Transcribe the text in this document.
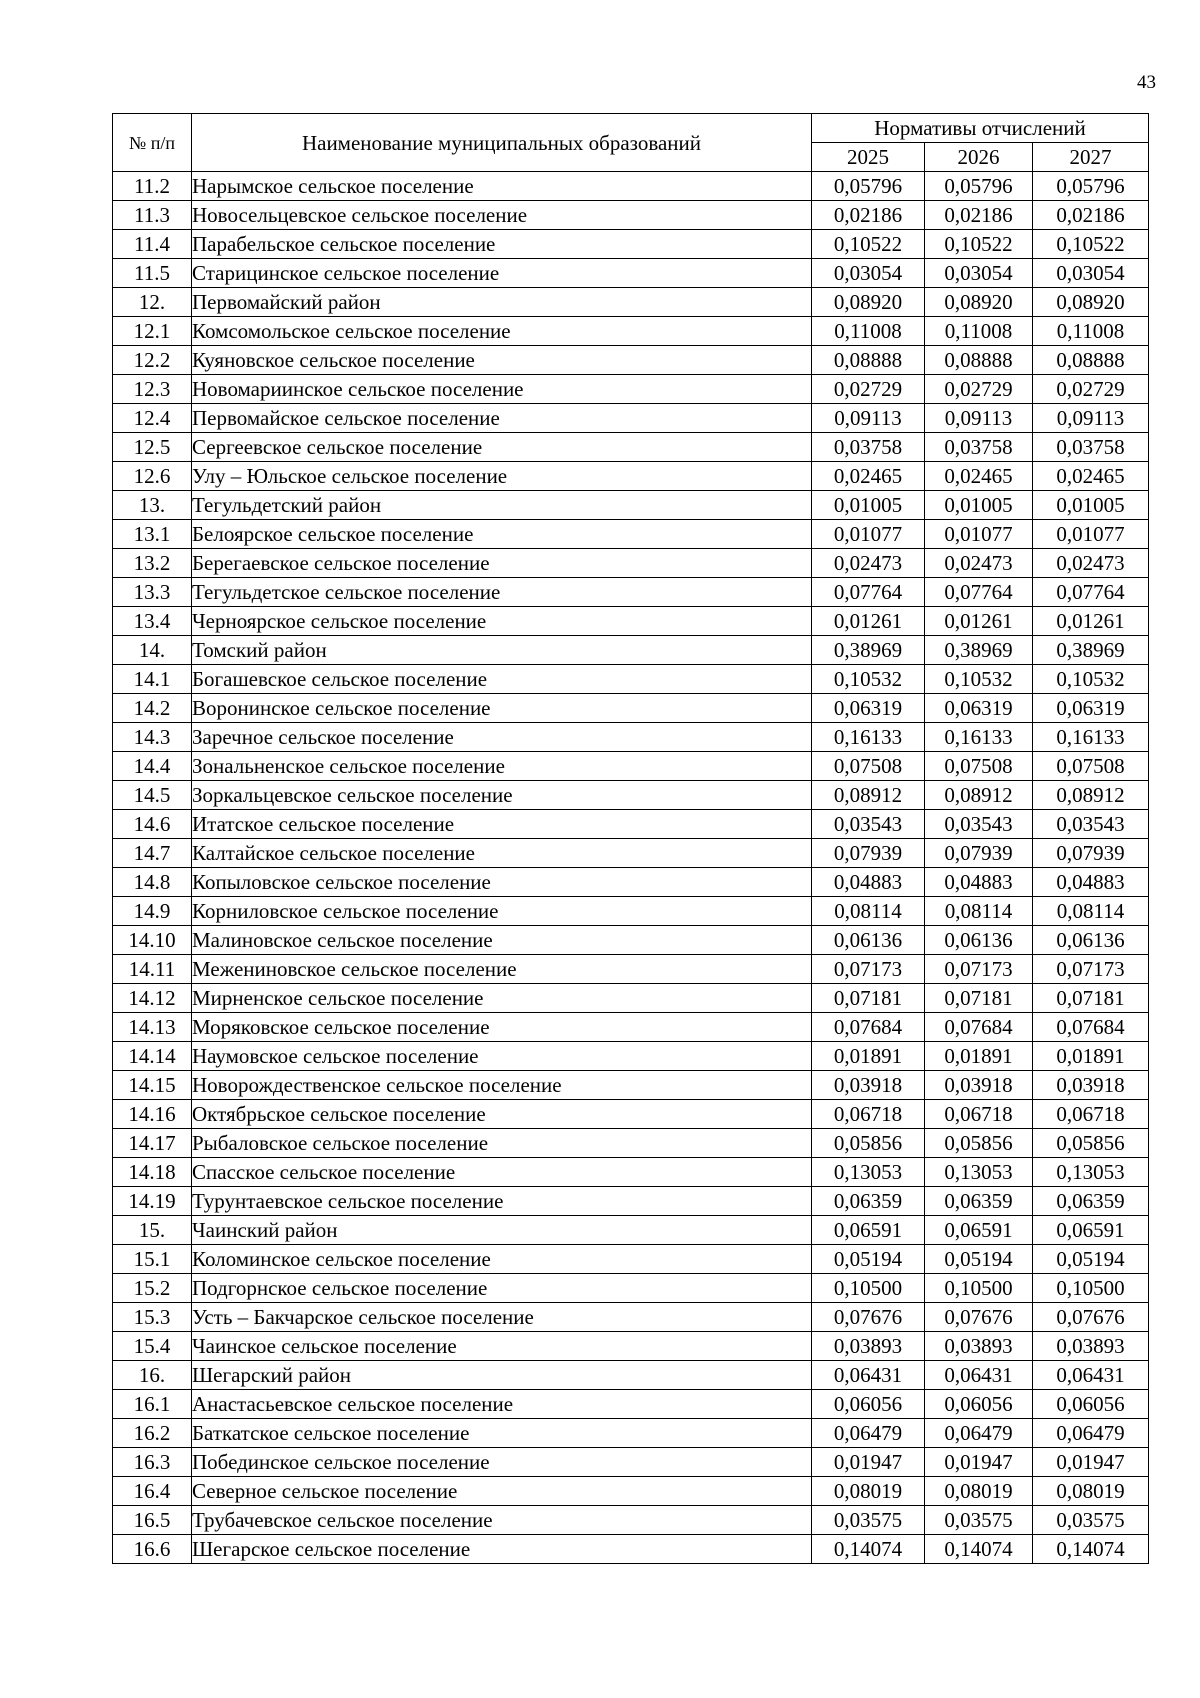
43
№ п/п	Наименование муниципальных образований	Нормативы отчислений		
		2025	2026	2027
11.2	Нарымское сельское поселение	0,05796	0,05796	0,05796
11.3	Новосельцевское сельское поселение	0,02186	0,02186	0,02186
11.4	Парабельское сельское поселение	0,10522	0,10522	0,10522
11.5	Старицинское сельское поселение	0,03054	0,03054	0,03054
12.	Первомайский район	0,08920	0,08920	0,08920
12.1	Комсомольское сельское поселение	0,11008	0,11008	0,11008
12.2	Куяновское сельское поселение	0,08888	0,08888	0,08888
12.3	Новомариинское сельское поселение	0,02729	0,02729	0,02729
12.4	Первомайское сельское поселение	0,09113	0,09113	0,09113
12.5	Сергеевское сельское поселение	0,03758	0,03758	0,03758
12.6	Улу – Юльское сельское поселение	0,02465	0,02465	0,02465
13.	Тегульдетский район	0,01005	0,01005	0,01005
13.1	Белоярское сельское поселение	0,01077	0,01077	0,01077
13.2	Берегаевское сельское поселение	0,02473	0,02473	0,02473
13.3	Тегульдетское сельское поселение	0,07764	0,07764	0,07764
13.4	Черноярское сельское поселение	0,01261	0,01261	0,01261
14.	Томский район	0,38969	0,38969	0,38969
14.1	Богашевское сельское поселение	0,10532	0,10532	0,10532
14.2	Воронинское сельское поселение	0,06319	0,06319	0,06319
14.3	Заречное сельское поселение	0,16133	0,16133	0,16133
14.4	Зональненское сельское поселение	0,07508	0,07508	0,07508
14.5	Зоркальцевское сельское поселение	0,08912	0,08912	0,08912
14.6	Итатское сельское поселение	0,03543	0,03543	0,03543
14.7	Калтайское сельское поселение	0,07939	0,07939	0,07939
14.8	Копыловское сельское поселение	0,04883	0,04883	0,04883
14.9	Корниловское сельское поселение	0,08114	0,08114	0,08114
14.10	Малиновское сельское поселение	0,06136	0,06136	0,06136
14.11	Межениновское сельское поселение	0,07173	0,07173	0,07173
14.12	Мирненское сельское поселение	0,07181	0,07181	0,07181
14.13	Моряковское сельское поселение	0,07684	0,07684	0,07684
14.14	Наумовское сельское поселение	0,01891	0,01891	0,01891
14.15	Новорождественское сельское поселение	0,03918	0,03918	0,03918
14.16	Октябрьское сельское поселение	0,06718	0,06718	0,06718
14.17	Рыбаловское сельское поселение	0,05856	0,05856	0,05856
14.18	Спасское сельское поселение	0,13053	0,13053	0,13053
14.19	Турунтаевское сельское поселение	0,06359	0,06359	0,06359
15.	Чаинский район	0,06591	0,06591	0,06591
15.1	Коломинское сельское поселение	0,05194	0,05194	0,05194
15.2	Подгорнское сельское поселение	0,10500	0,10500	0,10500
15.3	Усть – Бакчарское сельское поселение	0,07676	0,07676	0,07676
15.4	Чаинское сельское поселение	0,03893	0,03893	0,03893
16.	Шегарский район	0,06431	0,06431	0,06431
16.1	Анастасьевское сельское поселение	0,06056	0,06056	0,06056
16.2	Баткатское сельское поселение	0,06479	0,06479	0,06479
16.3	Побединское сельское поселение	0,01947	0,01947	0,01947
16.4	Северное сельское поселение	0,08019	0,08019	0,08019
16.5	Трубачевское сельское поселение	0,03575	0,03575	0,03575
16.6	Шегарское сельское поселение	0,14074	0,14074	0,14074
